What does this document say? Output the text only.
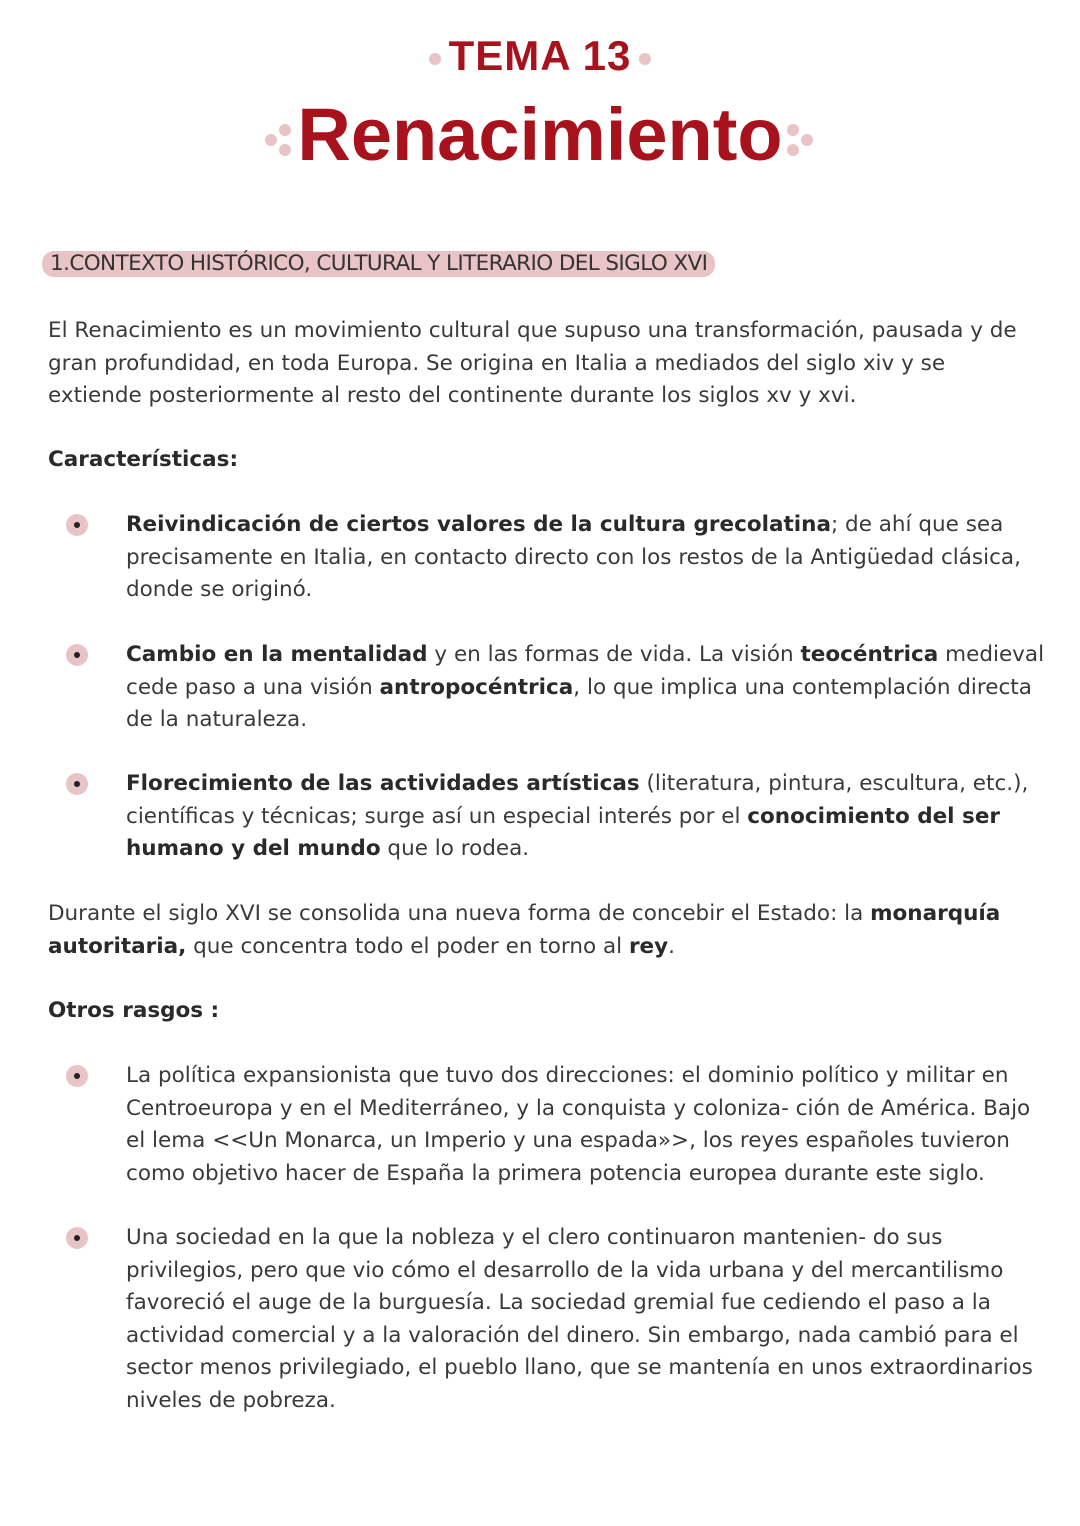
TEMA 13
Renacimiento
1.CONTEXTO HISTÓRICO, CULTURAL Y LITERARIO DEL SIGLO XVI
El Renacimiento es un movimiento cultural que supuso una transformación, pausada y de gran profundidad, en toda Europa. Se origina en Italia a mediados del siglo xiv y se extiende posteriormente al resto del continente durante los siglos xv y xvi.
Características:
Reivindicación de ciertos valores de la cultura grecolatina; de ahí que sea precisamente en Italia, en contacto directo con los restos de la Antigüedad clásica, donde se originó.
Cambio en la mentalidad y en las formas de vida. La visión teocéntrica medieval cede paso a una visión antropocéntrica, lo que implica una contemplación directa de la naturaleza.
Florecimiento de las actividades artísticas (literatura, pintura, escultura, etc.), científicas y técnicas; surge así un especial interés por el conocimiento del ser humano y del mundo que lo rodea.
Durante el siglo XVI se consolida una nueva forma de concebir el Estado: la monarquía autoritaria, que concentra todo el poder en torno al rey.
Otros rasgos :
La política expansionista que tuvo dos direcciones: el dominio político y militar en Centroeuropa y en el Mediterráneo, y la conquista y coloniza- ción de América. Bajo el lema <<Un Monarca, un Imperio y una espada»>, los reyes españoles tuvieron como objetivo hacer de España la primera potencia europea durante este siglo.
Una sociedad en la que la nobleza y el clero continuaron mantenien- do sus privilegios, pero que vio cómo el desarrollo de la vida urbana y del mercantilismo favoreció el auge de la burguesía. La sociedad gremial fue cediendo el paso a la actividad comercial y a la valoración del dinero. Sin embargo, nada cambió para el sector menos privilegiado, el pueblo llano, que se mantenía en unos extraordinarios niveles de pobreza.
